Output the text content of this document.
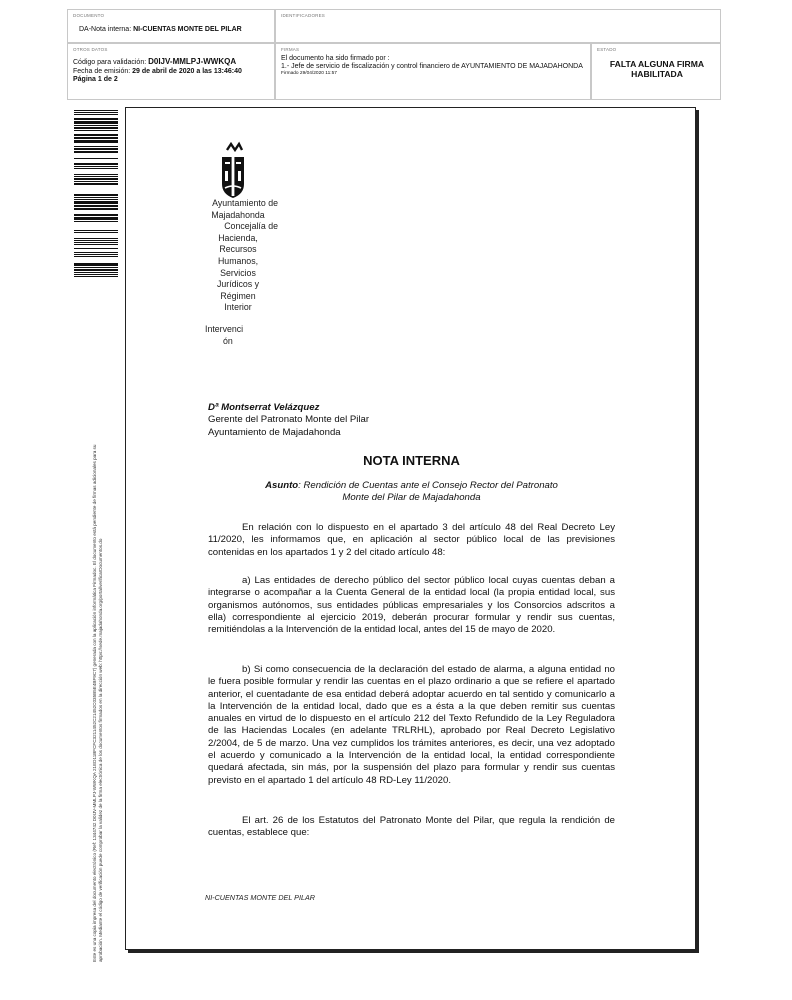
DOCUMENTO
DA-Nota interna: NI-CUENTAS MONTE DEL PILAR
IDENTIFICADORES
OTROS DATOS
Código para validación: D0IJV-MMLPJ-WWKQA
Fecha de emisión: 29 de abril de 2020 a las 13:46:40
Página 1 de 2
FIRMAS
El documento ha sido firmado por :
1.- Jefe de servicio de fiscalización y control financiero de AYUNTAMIENTO DE MAJADAHONDA
Firmado 29/04/2020 11:57
ESTADO
FALTA ALGUNA FIRMA
HABILITADA
Este es una copia impresa del documento electrónico (Ref: 1344742 D0IJV-MMLPJ-WWKQA 21ED11BFCFC3211452C21452C035B5E4BF9C7) generada con la aplicación informática Firmadoc. El documento está pendiente de firmas adicionales para su aprobación. Mediante el código de verificación puede comprobar la validez de la firma electrónica de los documentos firmados en la dirección web: https://sede.majadahonda.org/portal/verificarDocumentos.do
Ayuntamiento de
Majadahonda
Concejalía de
Hacienda,
Recursos
Humanos,
Servicios
Jurídicos y
Régimen
Interior
Intervenci
ón
Dª Montserrat Velázquez
Gerente del Patronato Monte del Pilar
Ayuntamiento de Majadahonda
NOTA INTERNA
Asunto: Rendición de Cuentas ante el Consejo Rector del Patronato
Monte del Pilar de Majadahonda
En relación con lo dispuesto en el apartado 3 del artículo 48 del Real Decreto Ley 11/2020, les informamos que, en aplicación al sector público local de las previsiones contenidas en los apartados 1 y 2 del citado artículo 48:
a) Las entidades de derecho público del sector público local cuyas cuentas deban a integrarse o acompañar a la Cuenta General de la entidad local (la propia entidad local, sus organismos autónomos, sus entidades públicas empresariales y los Consorcios adscritos a ella) correspondiente al ejercicio 2019, deberán procurar formular y rendir sus cuentas, remitiéndolas a la Intervención de la entidad local, antes del 15 de mayo de 2020.
b) Si como consecuencia de la declaración del estado de alarma, a alguna entidad no le fuera posible formular y rendir las cuentas en el plazo ordinario a que se refiere el apartado anterior, el cuentadante de esa entidad deberá adoptar acuerdo en tal sentido y comunicarlo a la Intervención de la entidad local, dado que es a ésta a la que deben remitir sus cuentas anuales en virtud de lo dispuesto en el artículo 212 del Texto Refundido de la Ley Reguladora de las Haciendas Locales (en adelante TRLRHL), aprobado por Real Decreto Legislativo 2/2004, de 5 de marzo. Una vez cumplidos los trámites anteriores, es decir, una vez adoptado el acuerdo y comunicado a la Intervención de la entidad local, la entidad correspondiente quedará afectada, sin más, por la suspensión del plazo para formular y rendir sus cuentas previsto en el apartado 1 del artículo 48 RD-Ley 11/2020.
El art. 26 de los Estatutos del Patronato Monte del Pilar, que regula la rendición de cuentas, establece que:
NI-CUENTAS MONTE DEL PILAR
